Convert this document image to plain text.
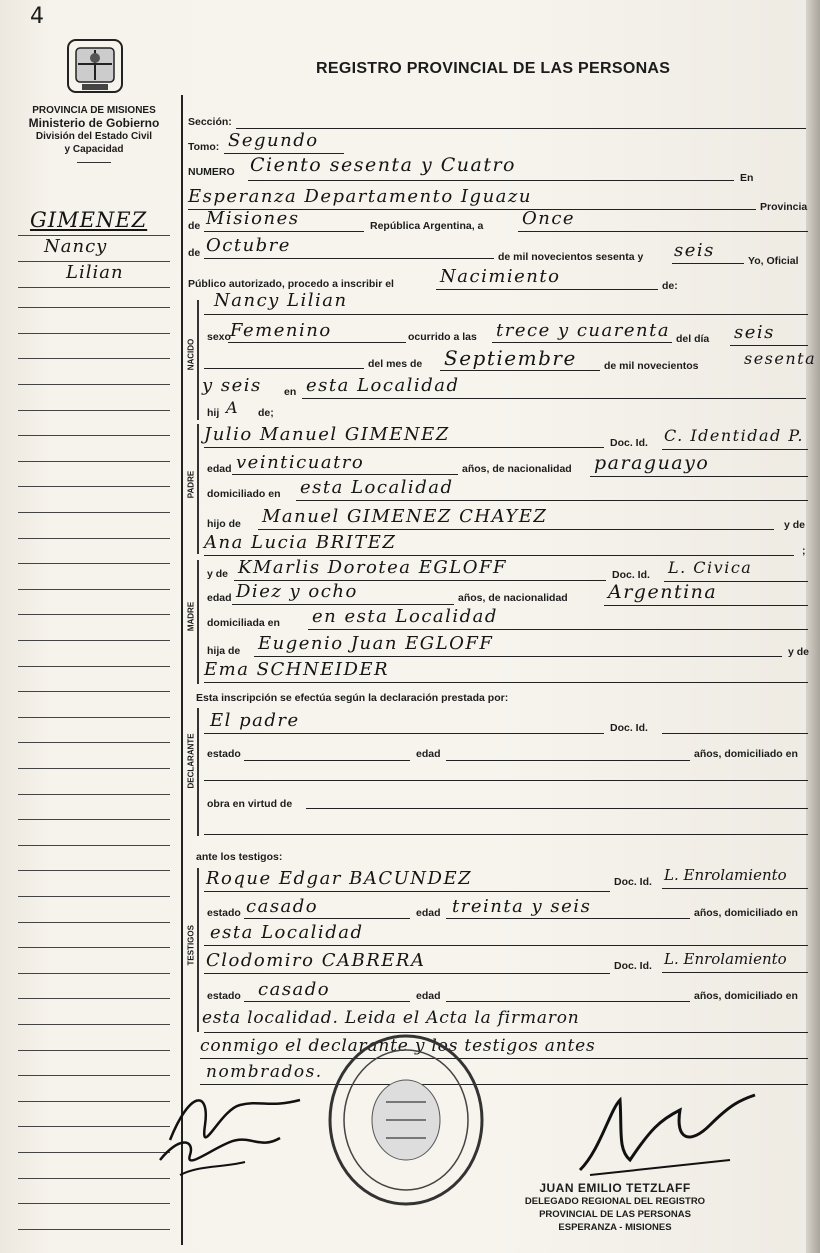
4
PROVINCIA DE MISIONES
Ministerio de Gobierno
División del Estado Civil
y Capacidad
REGISTRO PROVINCIAL DE LAS PERSONAS
GIMENEZ
Nancy
Lilian
Sección:
Tomo: Segundo
NUMERO Ciento sesenta y Cuatro
En
Esperanza Departamento Iguazu	Provincia
de Misiones	República Argentina, a Once
de Octubre
de mil novecientos sesenta y seis	Yo, Oficial
Público autorizado, procedo a inscribir el	Nacimiento	de:
NACIDO
Nancy Lilian
sexo Femenino	ocurrido a las trece y cuarenta del día seis
del mes de Septiembre	de mil novecientos	sesenta
y seis en esta Localidad
hij A de;
PADRE
Julio Manuel GIMENEZ	Doc. Id. C. Identidad P.
edad veinticuatro	años, de nacionalidad paraguayo
domiciliado en esta Localidad
hijo de Manuel GIMENEZ CHAYEZ	y de
Ana Lucia BRITEZ	;
MADRE
y de KMarlis Dorotea EGLOFF	Doc. Id. L. Civica
edad Diez y ocho	años, de nacionalidad Argentina
domiciliada en en esta Localidad
hija de Eugenio Juan EGLOFF	y de
Ema SCHNEIDER
Esta inscripción se efectúa según la declaración prestada por:
DECLARANTE
El padre	Doc. Id.
estado	edad	años, domiciliado en
obra en virtud de
ante los testigos:
TESTIGOS
Roque Edgar BACUNDEZ	Doc. Id. L. Enrolamiento
estado casado	edad treinta y seis	años, domiciliado en
esta Localidad
Clodomiro CABRERA	Doc. Id. L. Enrolamiento
estado casado	edad	años, domiciliado en
esta localidad. Leida el Acta la firmaron
conmigo el declarante y los testigos antes
nombrados.
JUAN EMILIO TETZLAFF
DELEGADO REGIONAL DEL REGISTRO
PROVINCIAL DE LAS PERSONAS
ESPERANZA - MISIONES
